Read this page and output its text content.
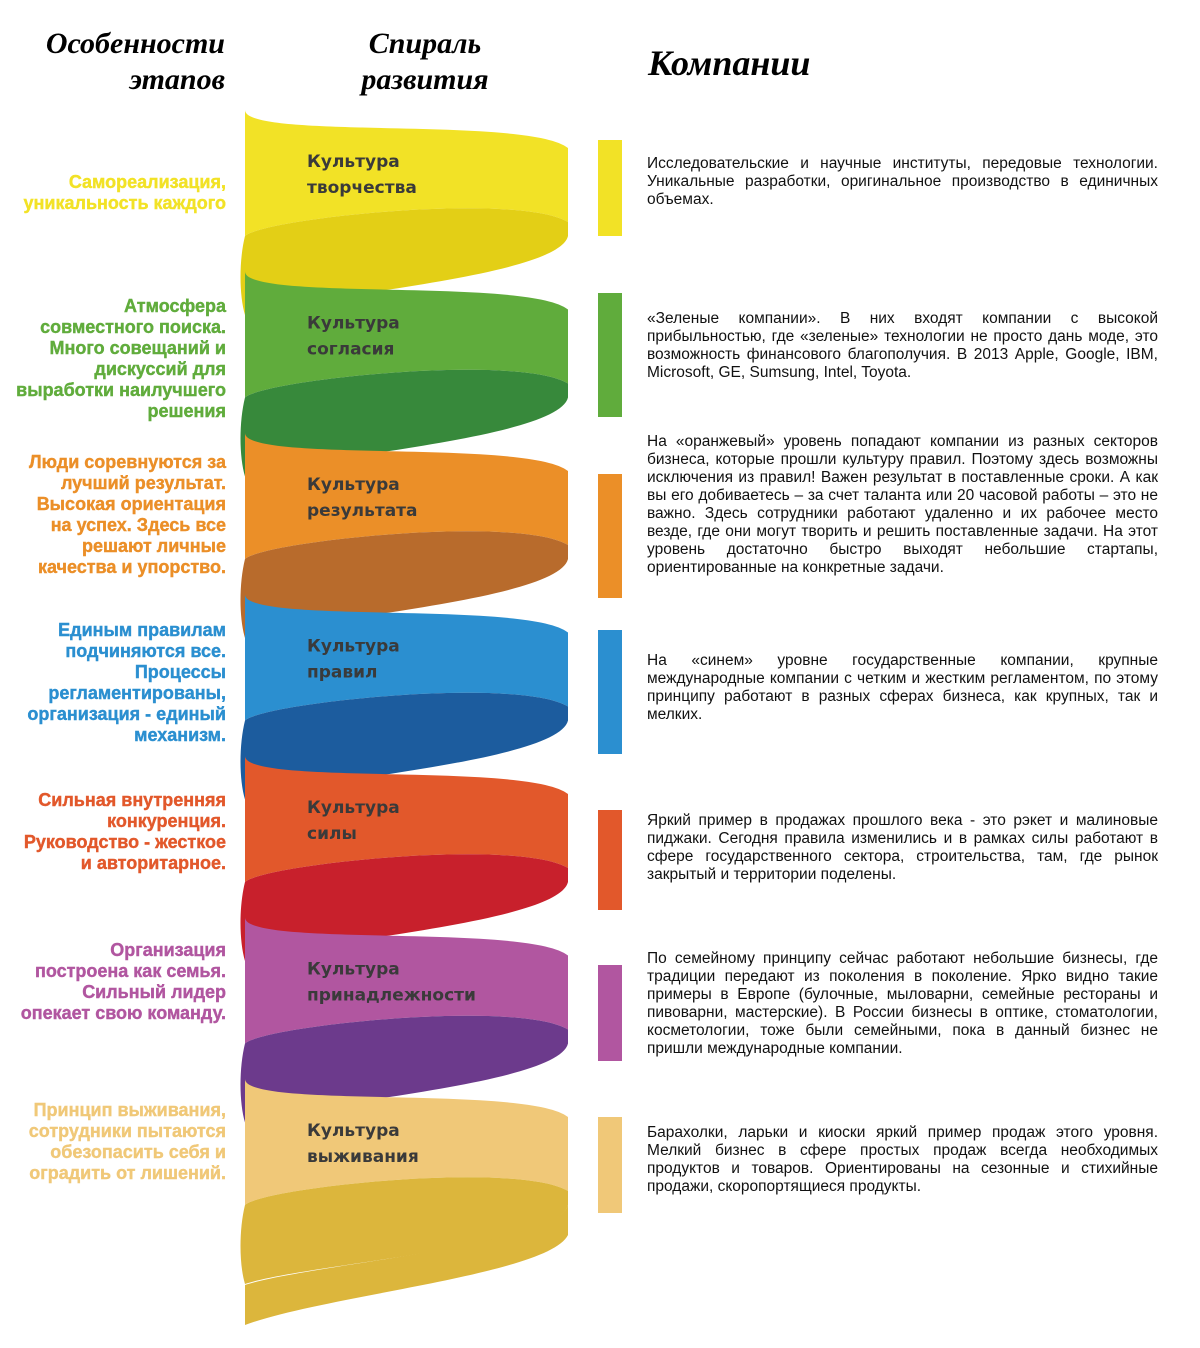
Особенности этапов
Спираль развития	Компании
Культура
творчества
Культура
согласия
Культура
результата
Культура
правил
Культура
силы
Культура
принадлежности
Культура
выживания
Самореализация, уникальность каждого
Атмосфера совместного поиска. Много совещаний и дискуссий для выработки наилучшего решения
Люди соревнуются за лучший результат. Высокая ориентация на успех. Здесь все решают личные качества и упорство.
Единым правилам подчиняются все. Процессы регламентированы, организация - единый механизм.
Сильная внутренняя конкуренция. Руководство - жесткое и авторитарное.
Организация построена как семья. Сильный лидер опекает свою команду.
Принцип выживания, сотрудники пытаются обезопасить себя и оградить от лишений.
Исследовательские и научные институты, передовые технологии. Уникальные разработки, оригинальное производство в единичных объемах.
«Зеленые компании». В них входят компании с высокой прибыльностью, где «зеленые» технологии не просто дань моде, это возможность финансового благополучия. В 2013 Apple, Google, IBM, Microsoft, GE, Sumsung, Intel, Toyota.
На «оранжевый» уровень попадают компании из разных секторов бизнеса, которые прошли культуру правил. Поэтому здесь возможны исключения из правил! Важен результат в поставленные сроки. А как вы его добиваетесь – за счет таланта или 20 часовой работы – это не важно. Здесь сотрудники работают удаленно и их рабочее место везде, где они могут творить и решить поставленные задачи. На этот уровень достаточно быстро выходят небольшие стартапы, ориентированные на конкретные задачи.
На «синем» уровне государственные компании, крупные международные компании с четким и жестким регламентом, по этому принципу работают в разных сферах бизнеса, как крупных, так и мелких.
Яркий пример в продажах прошлого века - это рэкет и малиновые пиджаки. Сегодня правила изменились и в рамках силы работают в сфере государственного сектора, строительства, там, где рынок закрытый и территории поделены.
По семейному принципу сейчас работают небольшие бизнесы, где традиции передают из поколения в поколение. Ярко видно такие примеры в Европе (булочные, мыловарни, семейные рестораны и пивоварни, мастерские). В России бизнесы в оптике, стоматологии, косметологии, тоже были семейными, пока в данный бизнес не пришли международные компании.
Барахолки, ларьки и киоски яркий пример продаж этого уровня. Мелкий бизнес в сфере простых продаж всегда необходимых продуктов и товаров. Ориентированы на сезонные и стихийные продажи, скоропортящиеся продукты.
